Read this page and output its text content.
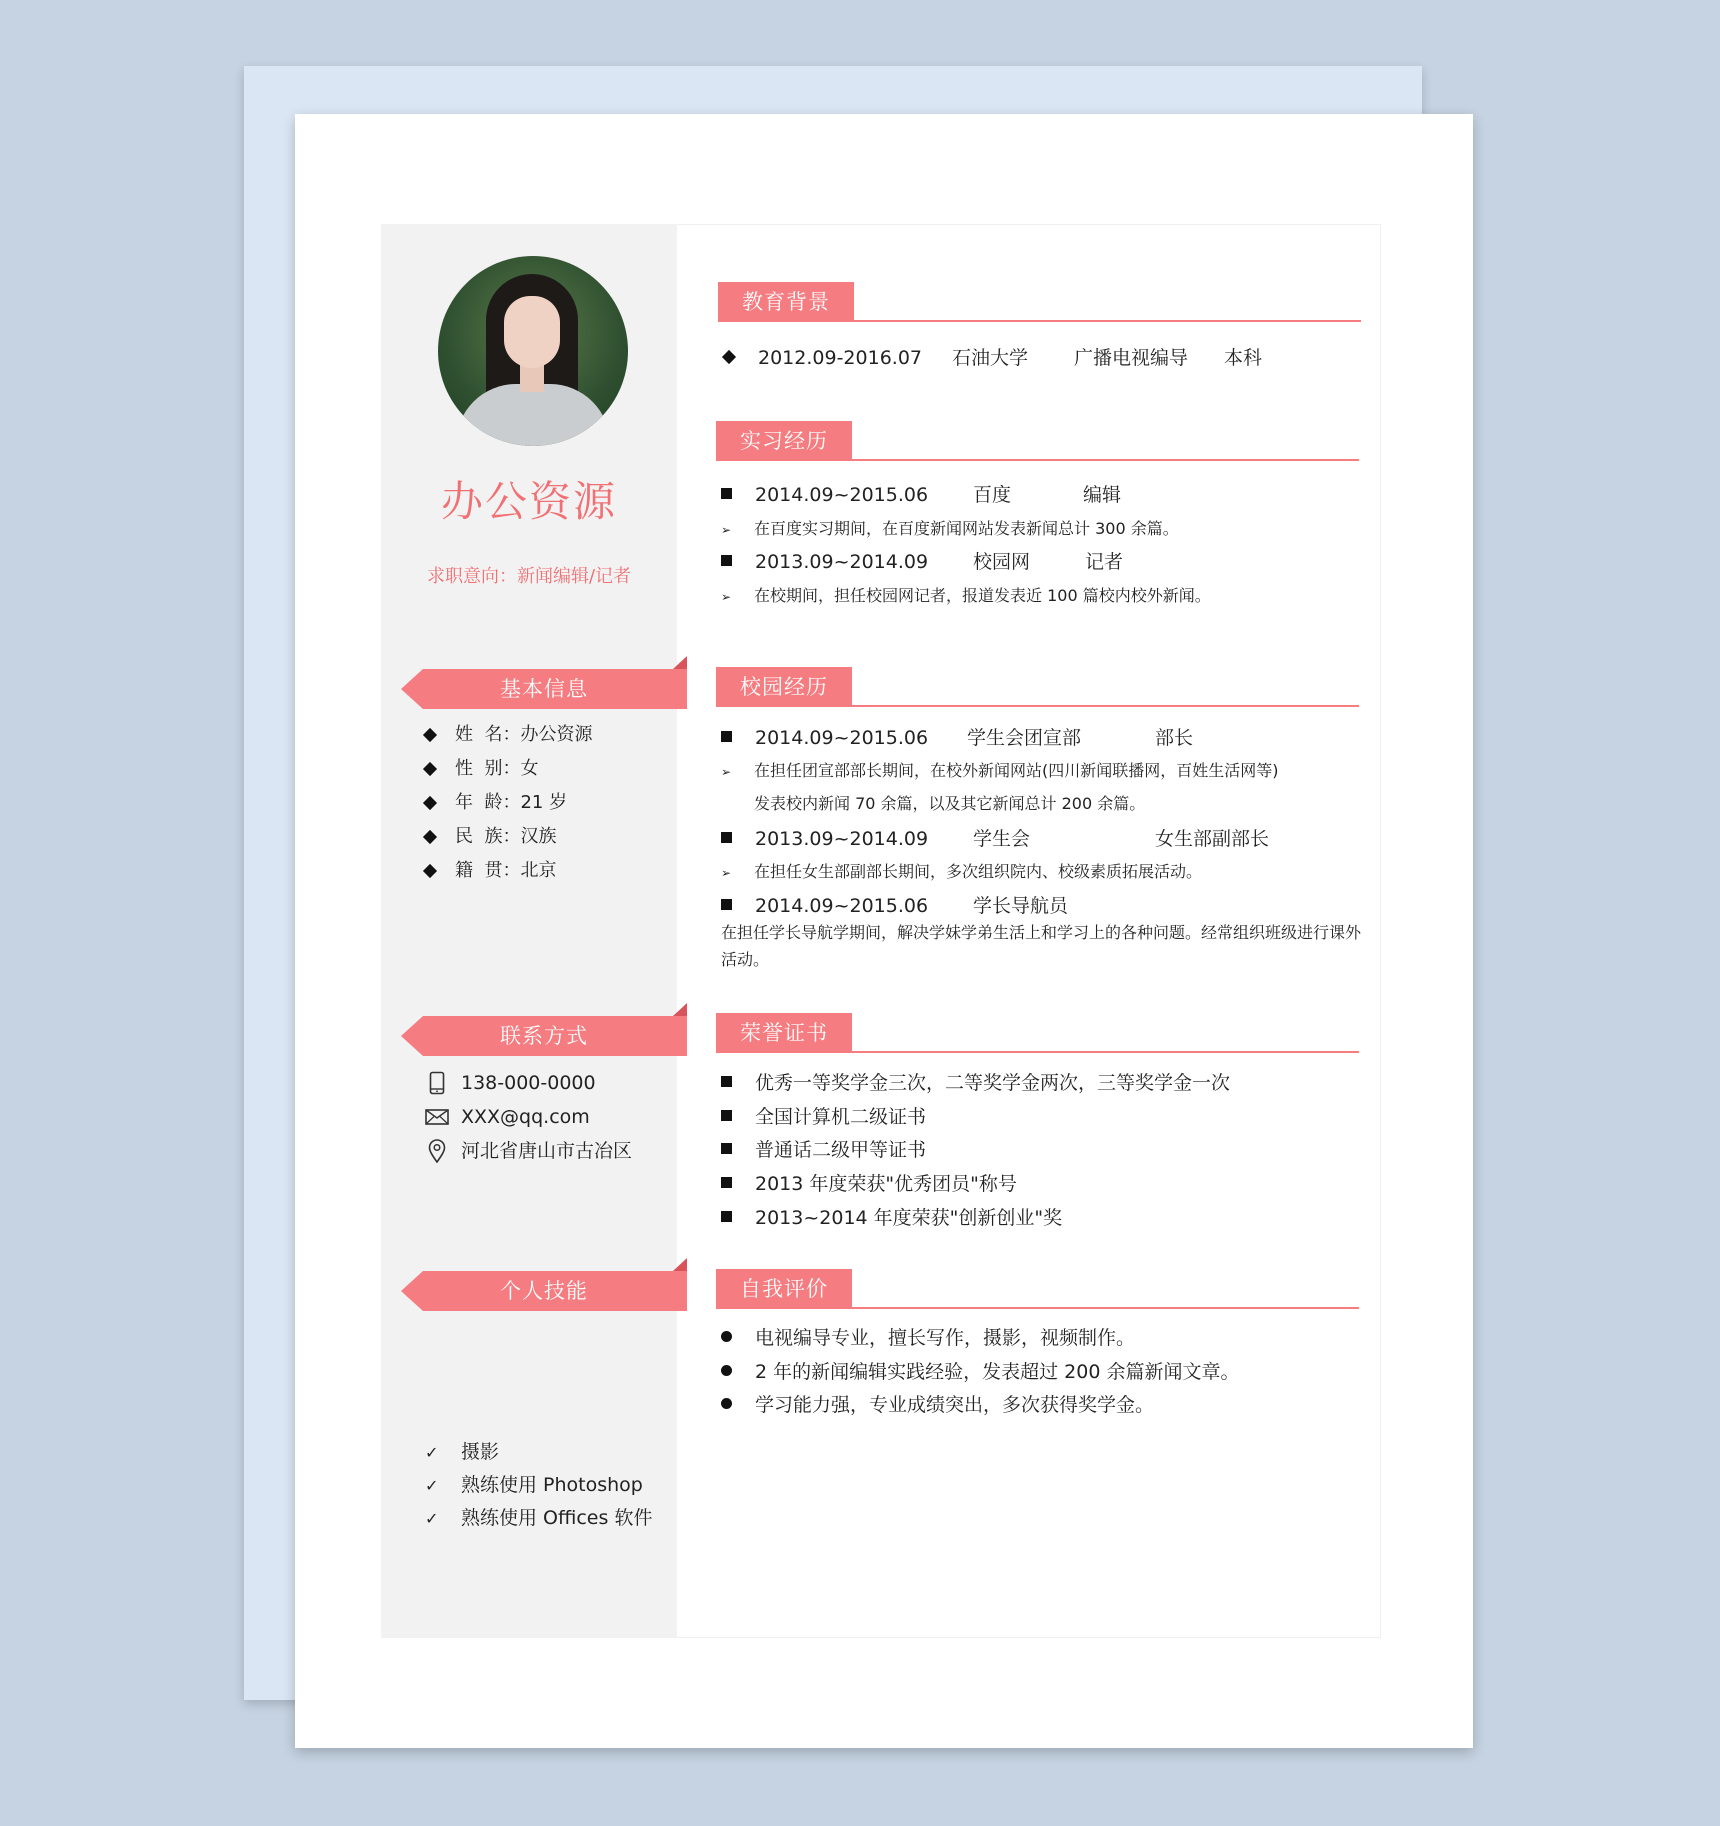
办公资源
求职意向：新闻编辑/记者
基本信息
姓  名： 办公资源
性  别： 女
年  龄： 21 岁
民  族： 汉族
籍  贯： 北京
联系方式
138-000-0000
XXX@qq.com
河北省唐山市古冶区
个人技能
✓	摄影
✓	熟练使用 Photoshop
✓	熟练使用 Offices 软件
教育背景
2012.09-2016.07 石油大学 广播电视编导 本科
实习经历
2014.09~2015.06 百度	编辑
➢ 在百度实习期间，在百度新闻网站发表新闻总计 300 余篇。
2013.09~2014.09 校园网	记者
➢ 在校期间，担任校园网记者，报道发表近 100 篇校内校外新闻。
校园经历
2014.09~2015.06 学生会团宣部	部长
➢ 在担任团宣部部长期间，在校外新闻网站(四川新闻联播网，百姓生活网等)
发表校内新闻 70 余篇，以及其它新闻总计 200 余篇。
2013.09~2014.09 学生会	女生部副部长
➢ 在担任女生部副部长期间，多次组织院内、校级素质拓展活动。
2014.09~2015.06 学长导航员
在担任学长导航学期间，解决学妹学弟生活上和学习上的各种问题。经常组织班级进行课外活动。
荣誉证书
优秀一等奖学金三次，二等奖学金两次，三等奖学金一次
全国计算机二级证书
普通话二级甲等证书
2013 年度荣获"优秀团员"称号
2013~2014 年度荣获"创新创业"奖
自我评价
电视编导专业，擅长写作，摄影，视频制作。
2 年的新闻编辑实践经验，发表超过 200 余篇新闻文章。
学习能力强，专业成绩突出，多次获得奖学金。
